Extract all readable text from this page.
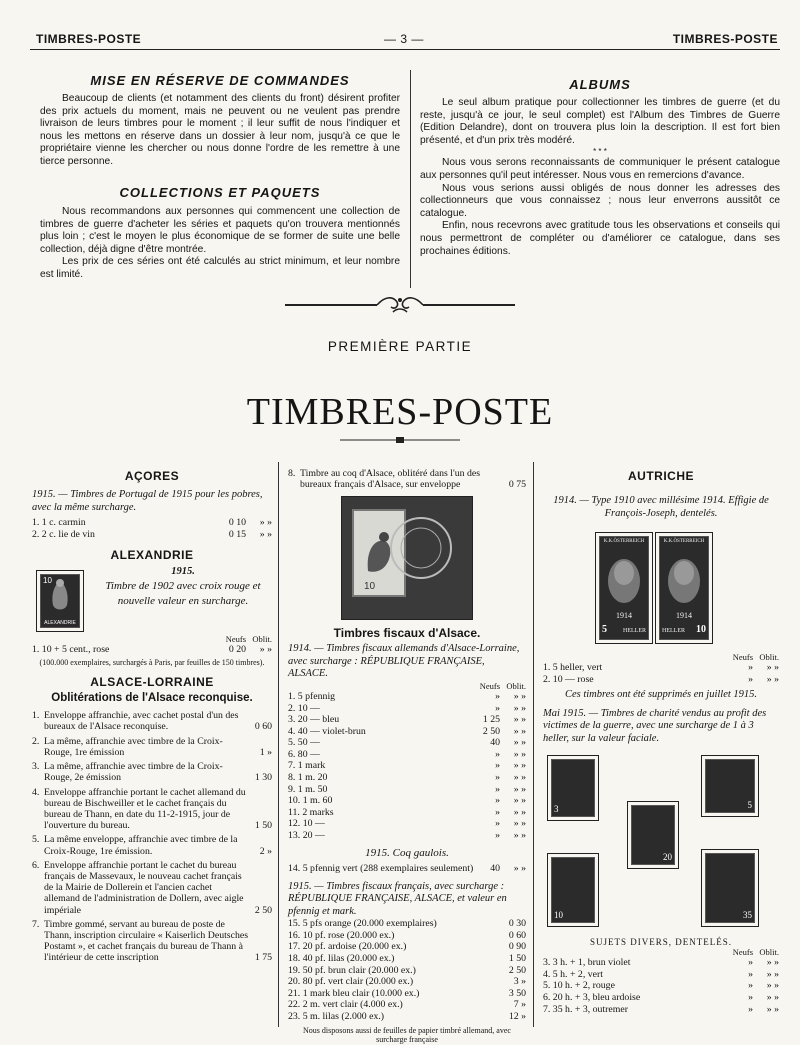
TIMBRES-POSTE	— 3 —	TIMBRES-POSTE
MISE EN RÉSERVE DE COMMANDES

Beaucoup de clients (et notamment des clients du front) désirent profiter des prix actuels du moment, mais ne peuvent ou ne veulent pas prendre livraison de leurs timbres pour le moment ; il leur suffit de nous l'indiquer et nous les mettons en réserve dans un dossier à leur nom, jusqu'à ce que le propriétaire vienne les chercher ou nous donne l'ordre de les remettre à une tierce personne.

COLLECTIONS ET PAQUETS

Nous recommandons aux personnes qui commencent une collection de timbres de guerre d'acheter les séries et paquets qu'on trouvera mentionnés plus loin ; c'est le moyen le plus économique de se former de suite une belle collection, déjà digne d'être montrée.

Les prix de ces séries ont été calculés au strict minimum, et leur nombre est limité.

ALBUMS

Le seul album pratique pour collectionner les timbres de guerre (et du reste, jusqu'à ce jour, le seul complet) est l'Album des Timbres de Guerre (Edition Delandre), dont on trouvera plus loin la description. Il est fort bien présenté, et d'un prix très modéré.

* * *

Nous vous serons reconnaissants de communiquer le présent catalogue aux personnes qu'il peut intéresser. Nous vous en remercions d'avance.

Nous vous serions aussi obligés de nous donner les adresses des collectionneurs que vous connaissez ; nous leur enverrons aussitôt ce catalogue.

Enfin, nous recevrons avec gratitude tous les observations et conseils qui nous permettront de compléter ou d'améliorer ce catalogue, dans ses prochaines éditions.

PREMIÈRE PARTIE
TIMBRES-POSTE
AÇORES
1915. — Timbres de Portugal de 1915 pour les pobres, avec la même surcharge.
1. 1 c. carmin	0 10 » »
2. 2 c. lie de vin	0 15 » »
ALEXANDRIE
10
ALEXANDRIE
1915.
Timbre de 1902 avec croix rouge et nouvelle valeur en surcharge.
Neufs Oblit.
1. 10 + 5 cent., rose	0 20 » »
(100.000 exemplaires, surchargés à Paris, par feuilles de 150 timbres).
ALSACE-LORRAINE
Oblitérations de l'Alsace reconquise.
1. Enveloppe affranchie, avec cachet postal d'un des bureaux de l'Alsace reconquise.	0 60
2. La même, affranchie avec timbre de la Croix-Rouge, 1re émission	1 »
3. La même, affranchie avec timbre de la Croix-Rouge, 2e émission	1 30
4. Enveloppe affranchie portant le cachet allemand du bureau de Bischweiller et le cachet français du bureau de Thann, en date du 11-2-1915, jour de l'ouverture du bureau.	1 50
5. La même enveloppe, affranchie avec timbre de la Croix-Rouge, 1re émission.	2 »
6. Enveloppe affranchie portant le cachet du bureau français de Massevaux, le nouveau cachet français de la Mairie de Dollerein et l'ancien cachet allemand de l'administration de Dollern, avec aigle impériale	2 50
7. Timbre gommé, servant au bureau de poste de Thann, inscription circulaire « Kaiserlich Deutsches Postamt », et cachet français du bureau de Thann à l'intérieur de cette inscription	1 75
8. Timbre au coq d'Alsace, oblitéré dans l'un des bureaux français d'Alsace, sur enveloppe	0 75
10
Timbres fiscaux d'Alsace.
1914. — Timbres fiscaux allemands d'Alsace-Lorraine, avec surcharge : RÉPUBLIQUE FRANÇAISE, ALSACE.
Neufs Oblit.
1. 5 pfennig	» » »
2. 10 —	» » »
3. 20 — bleu	1 25 » »
4. 40 — violet-brun	2 50 » »
5. 50 —	40 » »
6. 80 —	» » »
7. 1 mark	» » »
8. 1 m. 20	» » »
9. 1 m. 50	» » »
10. 1 m. 60	» » »
11. 2 marks	» » »
12. 10 —	» » »
13. 20 —	» » »
1915. Coq gaulois.
14. 5 pfennig vert (288 exemplaires seulement) 40 » »
1915. — Timbres fiscaux français, avec surcharge : RÉPUBLIQUE FRANÇAISE, ALSACE, et valeur en pfennig et mark.
15. 5 pfs orange (20.000 exemplaires)	0 30
16. 10 pf. rose (20.000 ex.)	0 60
17. 20 pf. ardoise (20.000 ex.)	0 90
18. 40 pf. lilas (20.000 ex.)	1 50
19. 50 pf. brun clair (20.000 ex.)	2 50
20. 80 pf. vert clair (20.000 ex.)	3 »
21. 1 mark bleu clair (10.000 ex.)	3 50
22. 2 m. vert clair (4.000 ex.)	7 »
23. 5 m. lilas (2.000 ex.)	12 »
Nous disposons aussi de feuilles de papier timbré allemand, avec surcharge française
AUTRICHE
1914. — Type 1910 avec millésime 1914. Effigie de François-Joseph, dentelés.
K.K.ÖSTERREICH
1914
5	HELLER
K.K.ÖSTERREICH
1914
10
HELLER
Neufs Oblit.
1. 5 heller, vert	» » »
2. 10 — rose	» » »
Ces timbres ont été supprimés en juillet 1915.
Mai 1915. — Timbres de charité vendus au profit des victimes de la guerre, avec une surcharge de 1 à 3 heller, sur la valeur faciale.
3	5
20
10	35
SUJETS DIVERS, DENTELÉS.
Neufs Oblit.
3. 3 h. + 1, brun violet	» » »
4. 5 h. + 2, vert	» » »
5. 10 h. + 2, rouge	» » »
6. 20 h. + 3, bleu ardoise	» » »
7. 35 h. + 3, outremer	» » »
